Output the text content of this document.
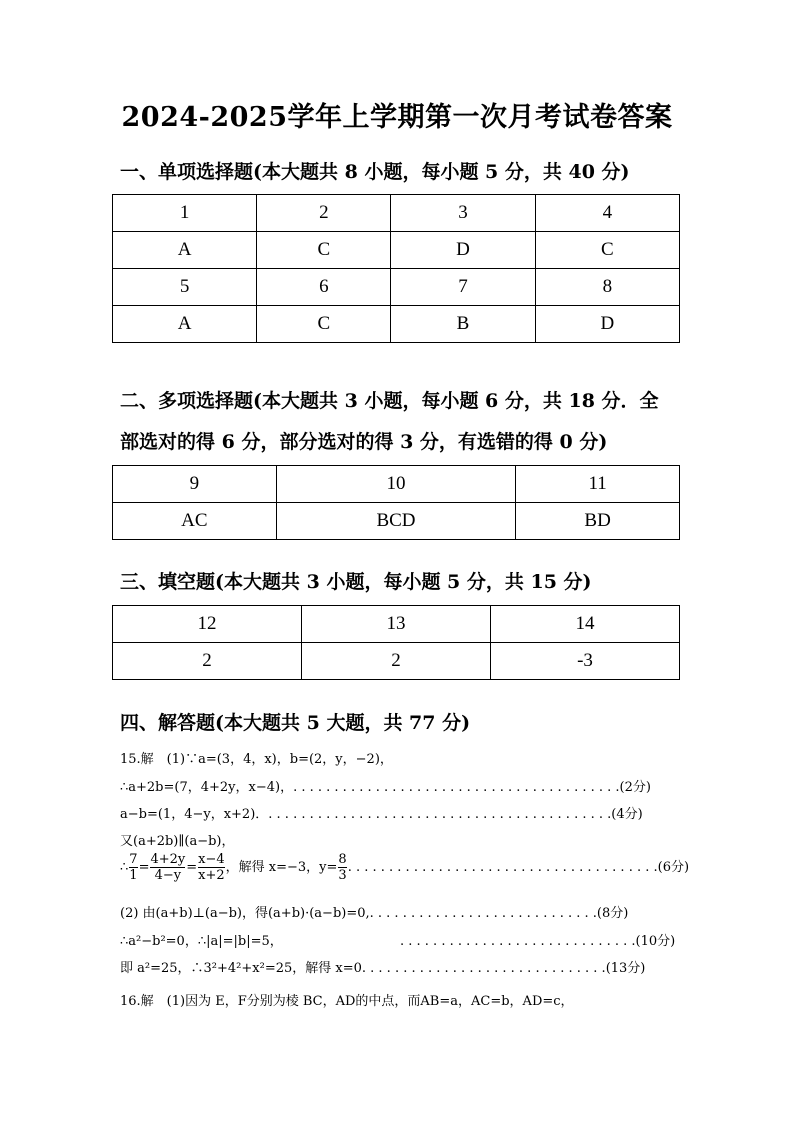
2024-2025学年上学期第一次月考试卷答案
一、单项选择题(本大题共 8 小题，每小题 5 分，共 40 分)
1	2	3	4
A	C	D	C
5	6	7	8
A	C	B	D
二、多项选择题(本大题共 3 小题，每小题 6 分，共 18 分．全
部选对的得 6 分，部分选对的得 3 分，有选错的得 0 分)
9	10	11
AC	BCD	BD
三、填空题(本大题共 3 小题，每小题 5 分，共 15 分)
12	13	14
2	2	-3
四、解答题(本大题共 5 大题，共 77 分)
15.解　(1)∵a=(3，4，x)，b=(2，y，−2)，
∴a+2b=(7，4+2y，x−4)，. . . . . . . . . . . . . . . . . . . . . . . . . . . . . . . . . . . . . . . .(2分)
a−b=(1，4−y，x+2)．. . . . . . . . . . . . . . . . . . . . . . . . . . . . . . . . . . . . . . . . . .(4分)
又(a+2b)∥(a−b)，
∴ $\frac{7}{1} = \frac{4+2y}{4-y} = \frac{x-4}{x+2}$ ，解得 x=−3，$y= \frac{8}{3}$ . . . . . . . . . . . . . . . . . . . . . . . . . . . . . . . . . . . . . .(6分)
(2) 由(a+b)⊥(a−b)，得(a+b)·(a−b)=0,. . . . . . . . . . . . . . . . . . . . . . . . . . . .(8分)
∴a²−b²=0，∴|a|=|b|=5，	. . . . . . . . . . . . . . . . . . . . . . . . . . . . .(10分)
即 a²=25，∴3²+4²+x²=25，解得 x=0. . . . . . . . . . . . . . . . . . . . . . . . . . . . . .(13分)
16.解　(1)因为 E，F分别为棱 BC，AD的中点，而AB=a，AC=b，AD=c，
